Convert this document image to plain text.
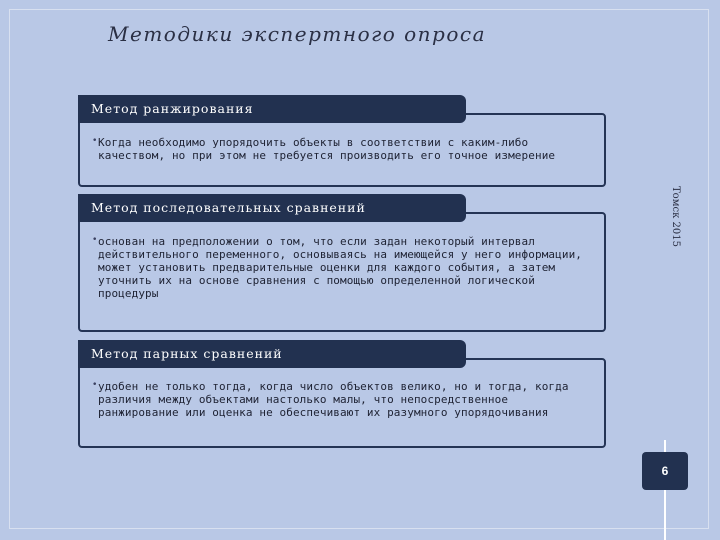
Методики экспертного опроса
Метод ранжирования
• Когда необходимо упорядочить объекты в соответствии с каким-либо качеством, но при этом не требуется производить его точное измерение
Метод последовательных сравнений
• основан на предположении о том, что если задан некоторый интервал действительного переменного, основываясь на имеющейся у него информации, может установить предварительные оценки для каждого события, а затем уточнить их на основе сравнения с помощью определенной логической процедуры
Метод парных сравнений
• удобен не только тогда, когда число объектов велико, но и тогда, когда различия между объектами настолько малы, что непосредственное ранжирование или оценка не обеспечивают их разумного упорядочивания
Томск 2015
6
